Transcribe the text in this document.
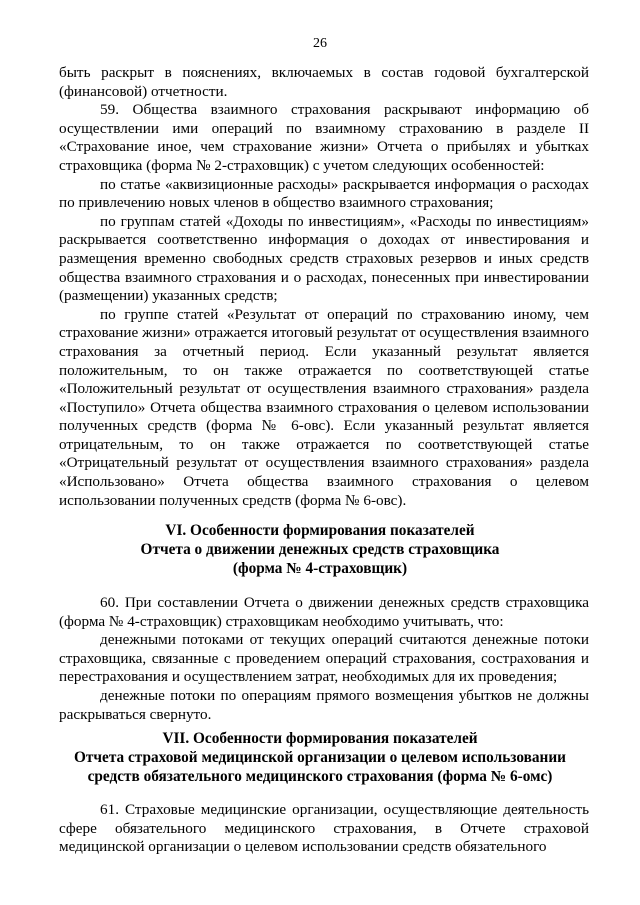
26

быть раскрыт в пояснениях, включаемых в состав годовой бухгалтерской (финансовой) отчетности.

59. Общества взаимного страхования раскрывают информацию об осуществлении ими операций по взаимному страхованию в разделе II «Страхование иное, чем страхование жизни» Отчета о прибылях и убытках страховщика (форма № 2-страховщик) с учетом следующих особенностей:

по статье «аквизиционные расходы» раскрывается информация о расходах по привлечению новых членов в общество взаимного страхования;

по группам статей «Доходы по инвестициям», «Расходы по инвестициям» раскрывается соответственно информация о доходах от инвестирования и размещения временно свободных средств страховых резервов и иных средств общества взаимного страхования и о расходах, понесенных при инвестировании (размещении) указанных средств;

по группе статей «Результат от операций по страхованию иному, чем страхование жизни» отражается итоговый результат от осуществления взаимного страхования за отчетный период. Если указанный результат является положительным, то он также отражается по соответствующей статье «Положительный результат от осуществления взаимного страхования» раздела «Поступило» Отчета общества взаимного страхования о целевом использовании полученных средств (форма № 6-овс). Если указанный результат является отрицательным, то он также отражается по соответствующей статье «Отрицательный результат от осуществления взаимного страхования» раздела «Использовано» Отчета общества взаимного страхования о целевом использовании полученных средств (форма № 6-овс).

VI. Особенности формирования показателей
Отчета о движении денежных средств страховщика
(форма № 4-страховщик)

60. При составлении Отчета о движении денежных средств страховщика (форма № 4-страховщик) страховщикам необходимо учитывать, что:

денежными потоками от текущих операций считаются денежные потоки страховщика, связанные с проведением операций страхования, сострахования и перестрахования и осуществлением затрат, необходимых для их проведения;

денежные потоки по операциям прямого возмещения убытков не должны раскрываться свернуто.

VII. Особенности формирования показателей
Отчета страховой медицинской организации о целевом использовании
средств обязательного медицинского страхования (форма № 6-омс)

61. Страховые медицинские организации, осуществляющие деятельность сфере обязательного медицинского страхования, в Отчете страховой медицинской организации о целевом использовании средств обязательного
